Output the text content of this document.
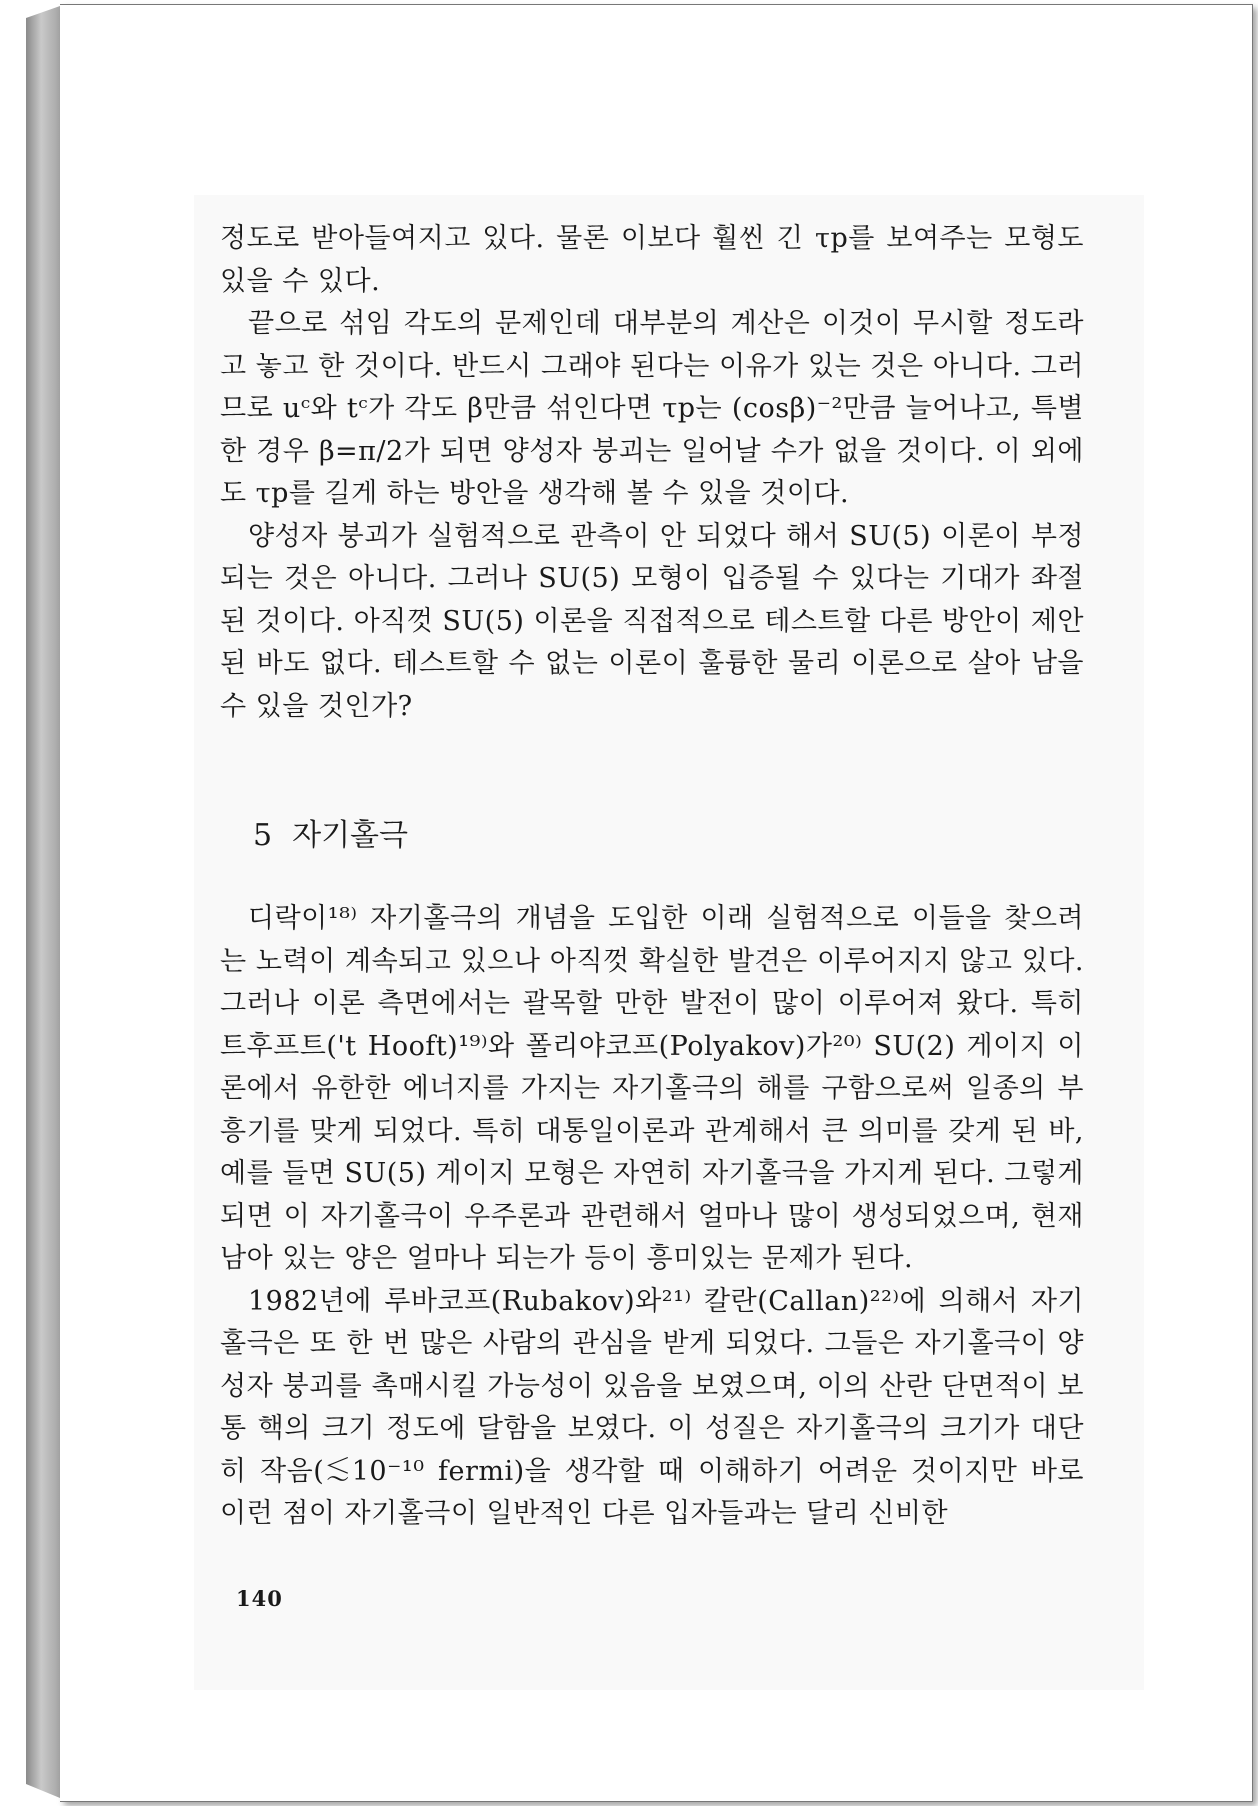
정도로 받아들여지고 있다. 물론 이보다 훨씬 긴 τp를 보여주는 모형도 있을 수 있다.

끝으로 섞임 각도의 문제인데 대부분의 계산은 이것이 무시할 정도라고 놓고 한 것이다. 반드시 그래야 된다는 이유가 있는 것은 아니다. 그러므로 uᶜ와 tᶜ가 각도 β만큼 섞인다면 τp는 (cosβ)⁻²만큼 늘어나고, 특별한 경우 β=π/2가 되면 양성자 붕괴는 일어날 수가 없을 것이다. 이 외에도 τp를 길게 하는 방안을 생각해 볼 수 있을 것이다.

양성자 붕괴가 실험적으로 관측이 안 되었다 해서 SU(5) 이론이 부정되는 것은 아니다. 그러나 SU(5) 모형이 입증될 수 있다는 기대가 좌절된 것이다. 아직껏 SU(5) 이론을 직접적으로 테스트할 다른 방안이 제안된 바도 없다. 테스트할 수 없는 이론이 훌륭한 물리 이론으로 살아 남을 수 있을 것인가?

5 자기홀극

디락이¹⁸⁾ 자기홀극의 개념을 도입한 이래 실험적으로 이들을 찾으려는 노력이 계속되고 있으나 아직껏 확실한 발견은 이루어지지 않고 있다. 그러나 이론 측면에서는 괄목할 만한 발전이 많이 이루어져 왔다. 특히 트후프트('t Hooft)¹⁹⁾와 폴리야코프(Polyakov)가²⁰⁾ SU(2) 게이지 이론에서 유한한 에너지를 가지는 자기홀극의 해를 구함으로써 일종의 부흥기를 맞게 되었다. 특히 대통일이론과 관계해서 큰 의미를 갖게 된 바, 예를 들면 SU(5) 게이지 모형은 자연히 자기홀극을 가지게 된다. 그렇게 되면 이 자기홀극이 우주론과 관련해서 얼마나 많이 생성되었으며, 현재 남아 있는 양은 얼마나 되는가 등이 흥미있는 문제가 된다.

1982년에 루바코프(Rubakov)와²¹⁾ 칼란(Callan)²²⁾에 의해서 자기홀극은 또 한 번 많은 사람의 관심을 받게 되었다. 그들은 자기홀극이 양성자 붕괴를 촉매시킬 가능성이 있음을 보였으며, 이의 산란 단면적이 보통 핵의 크기 정도에 달함을 보였다. 이 성질은 자기홀극의 크기가 대단히 작음(≲10⁻¹⁰ fermi)을 생각할 때 이해하기 어려운 것이지만 바로 이런 점이 자기홀극이 일반적인 다른 입자들과는 달리 신비한

140
